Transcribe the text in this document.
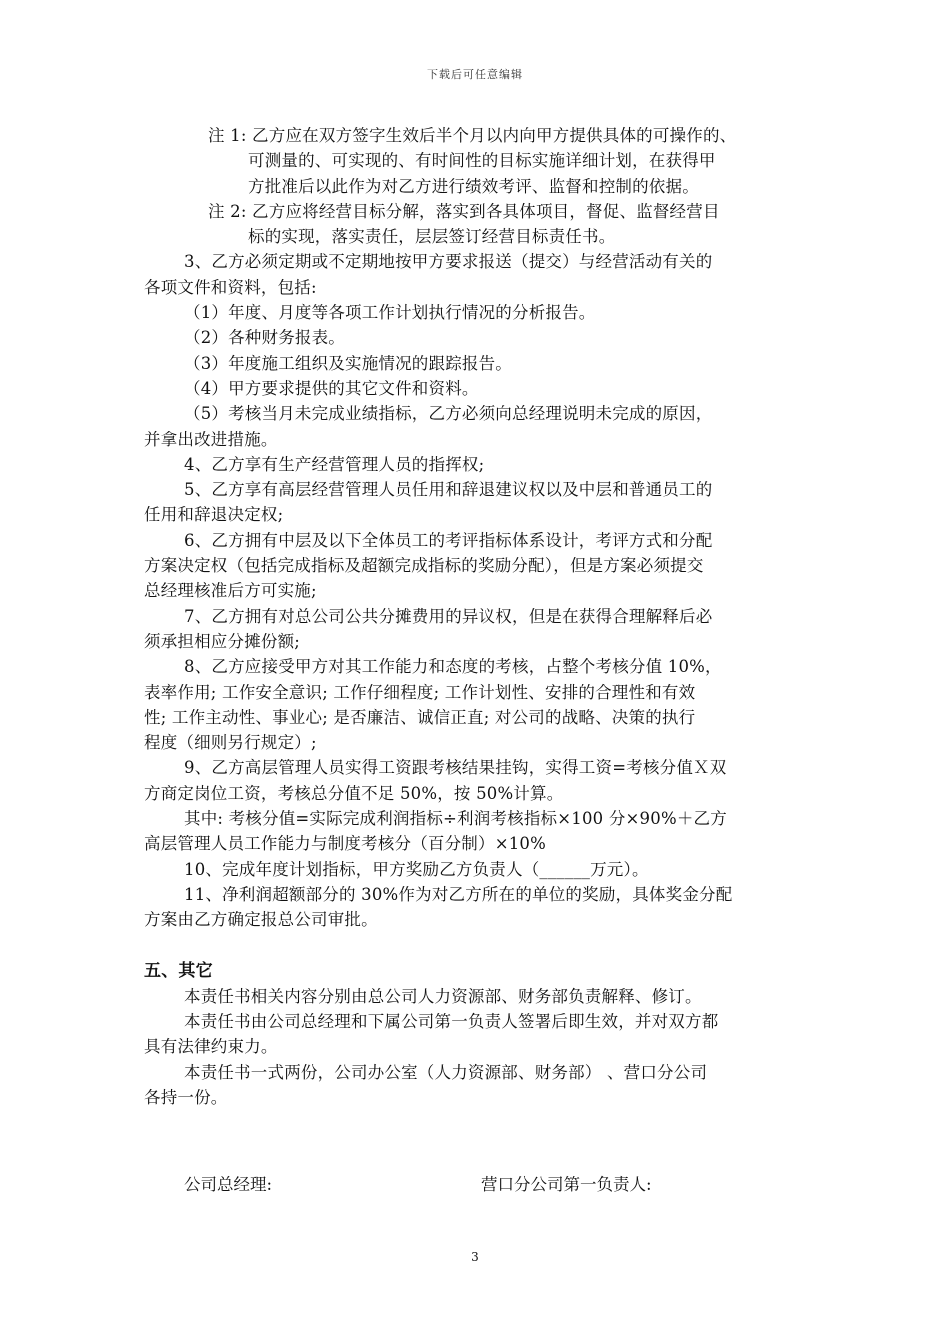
下载后可任意编辑

注 1: 乙方应在双方签字生效后半个月以内向甲方提供具体的可操作的、

可测量的、可实现的、有时间性的目标实施详细计划，在获得甲

方批准后以此作为对乙方进行绩效考评、监督和控制的依据。

注 2: 乙方应将经营目标分解，落实到各具体项目，督促、监督经营目

标的实现，落实责任，层层签订经营目标责任书。

3、乙方必须定期或不定期地按甲方要求报送（提交）与经营活动有关的

各项文件和资料，包括:

（1）年度、月度等各项工作计划执行情况的分析报告。

（2）各种财务报表。

（3）年度施工组织及实施情况的跟踪报告。

（4）甲方要求提供的其它文件和资料。

（5）考核当月未完成业绩指标，乙方必须向总经理说明未完成的原因，

并拿出改进措施。

4、乙方享有生产经营管理人员的指挥权;

5、乙方享有高层经营管理人员任用和辞退建议权以及中层和普通员工的

任用和辞退决定权;

6、乙方拥有中层及以下全体员工的考评指标体系设计，考评方式和分配

方案决定权（包括完成指标及超额完成指标的奖励分配），但是方案必须提交

总经理核准后方可实施;

7、乙方拥有对总公司公共分摊费用的异议权，但是在获得合理解释后必

须承担相应分摊份额;

8、乙方应接受甲方对其工作能力和态度的考核，占整个考核分值 10%，

表率作用; 工作安全意识; 工作仔细程度; 工作计划性、安排的合理性和有效

性; 工作主动性、事业心; 是否廉洁、诚信正直; 对公司的战略、决策的执行

程度（细则另行规定）;

9、乙方高层管理人员实得工资跟考核结果挂钩，实得工资=考核分值Ｘ双

方商定岗位工资，考核总分值不足 50%，按 50%计算。

其中: 考核分值=实际完成利润指标÷利润考核指标×100 分×90%＋乙方

高层管理人员工作能力与制度考核分（百分制）×10%

10、完成年度计划指标，甲方奖励乙方负责人（______万元）。

11、净利润超额部分的 30%作为对乙方所在的单位的奖励，具体奖金分配

方案由乙方确定报总公司审批。

五、其它

本责任书相关内容分别由总公司人力资源部、财务部负责解释、修订。

本责任书由公司总经理和下属公司第一负责人签署后即生效，并对双方都

具有法律约束力。

本责任书一式两份，公司办公室（人力资源部、财务部） 、营口分公司

各持一份。

公司总经理:	营口分公司第一负责人:
3
